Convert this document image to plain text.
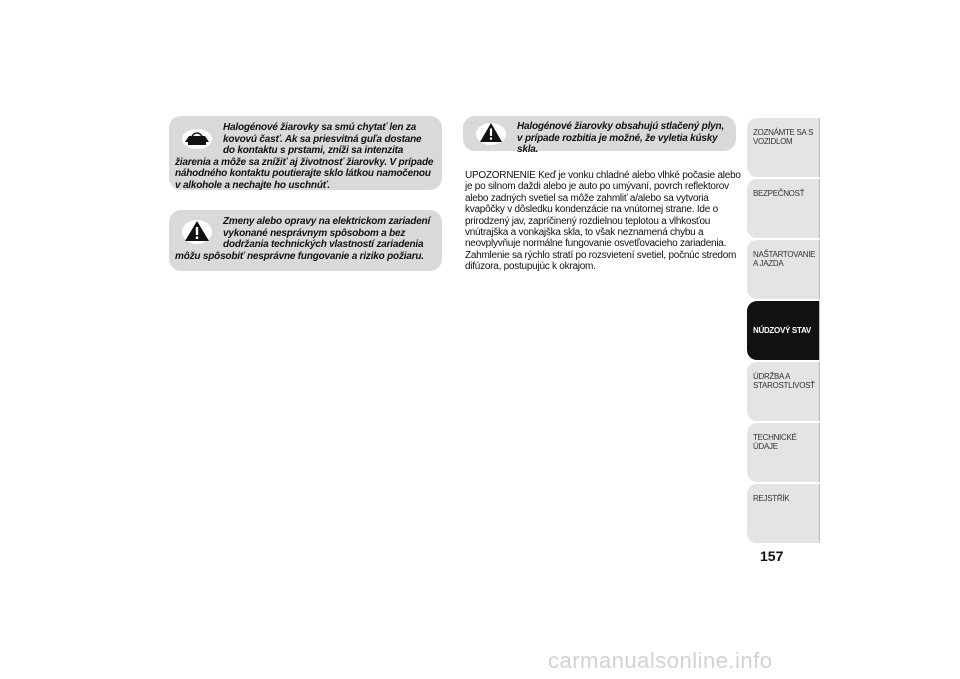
Halogénové žiarovky sa smú chytať len za kovovú časť. Ak sa priesvitná guľa dostane do kontaktu s prstami, zníži sa intenzita žiarenia a môže sa znížiť aj životnosť žiarovky. V prípade náhodného kontaktu poutierajte sklo látkou namočenou v alkohole a nechajte ho uschnúť.

Zmeny alebo opravy na elektrickom zariadení vykonané nesprávnym spôsobom a bez dodržania technických vlastností zariadenia môžu spôsobiť nesprávne fungovanie a riziko požiaru.

Halogénové žiarovky obsahujú stlačený plyn, v prípade rozbitia je možné, že vyletia kúsky skla.

UPOZORNENIE Keď je vonku chladné alebo vlhké počasie alebo je po silnom daždi alebo je auto po umývaní, povrch reflektorov alebo zadných svetiel sa môže zahmliť a/alebo sa vytvoria kvapôčky v dôsledku kondenzácie na vnútornej strane. Ide o prirodzený jav, zapríčinený rozdielnou teplotou a vlhkosťou vnútrajška a vonkajška skla, to však neznamená chybu a neovplyvňuje normálne fungovanie osvetľovacieho zariadenia. Zahmlenie sa rýchlo stratí po rozsvietení svetiel, počnúc stredom difúzora, postupujúc k okrajom.

ZOZNÁMTE SA S VOZIDLOM
BEZPEČNOSŤ
NAŠTARTOVANIE A JAZDA
NÚDZOVÝ STAV
ÚDRŽBA A STAROSTLIVOSŤ
TECHNICKÉ ÚDAJE
REJSTŘÍK
157
carmanualsonline.info
